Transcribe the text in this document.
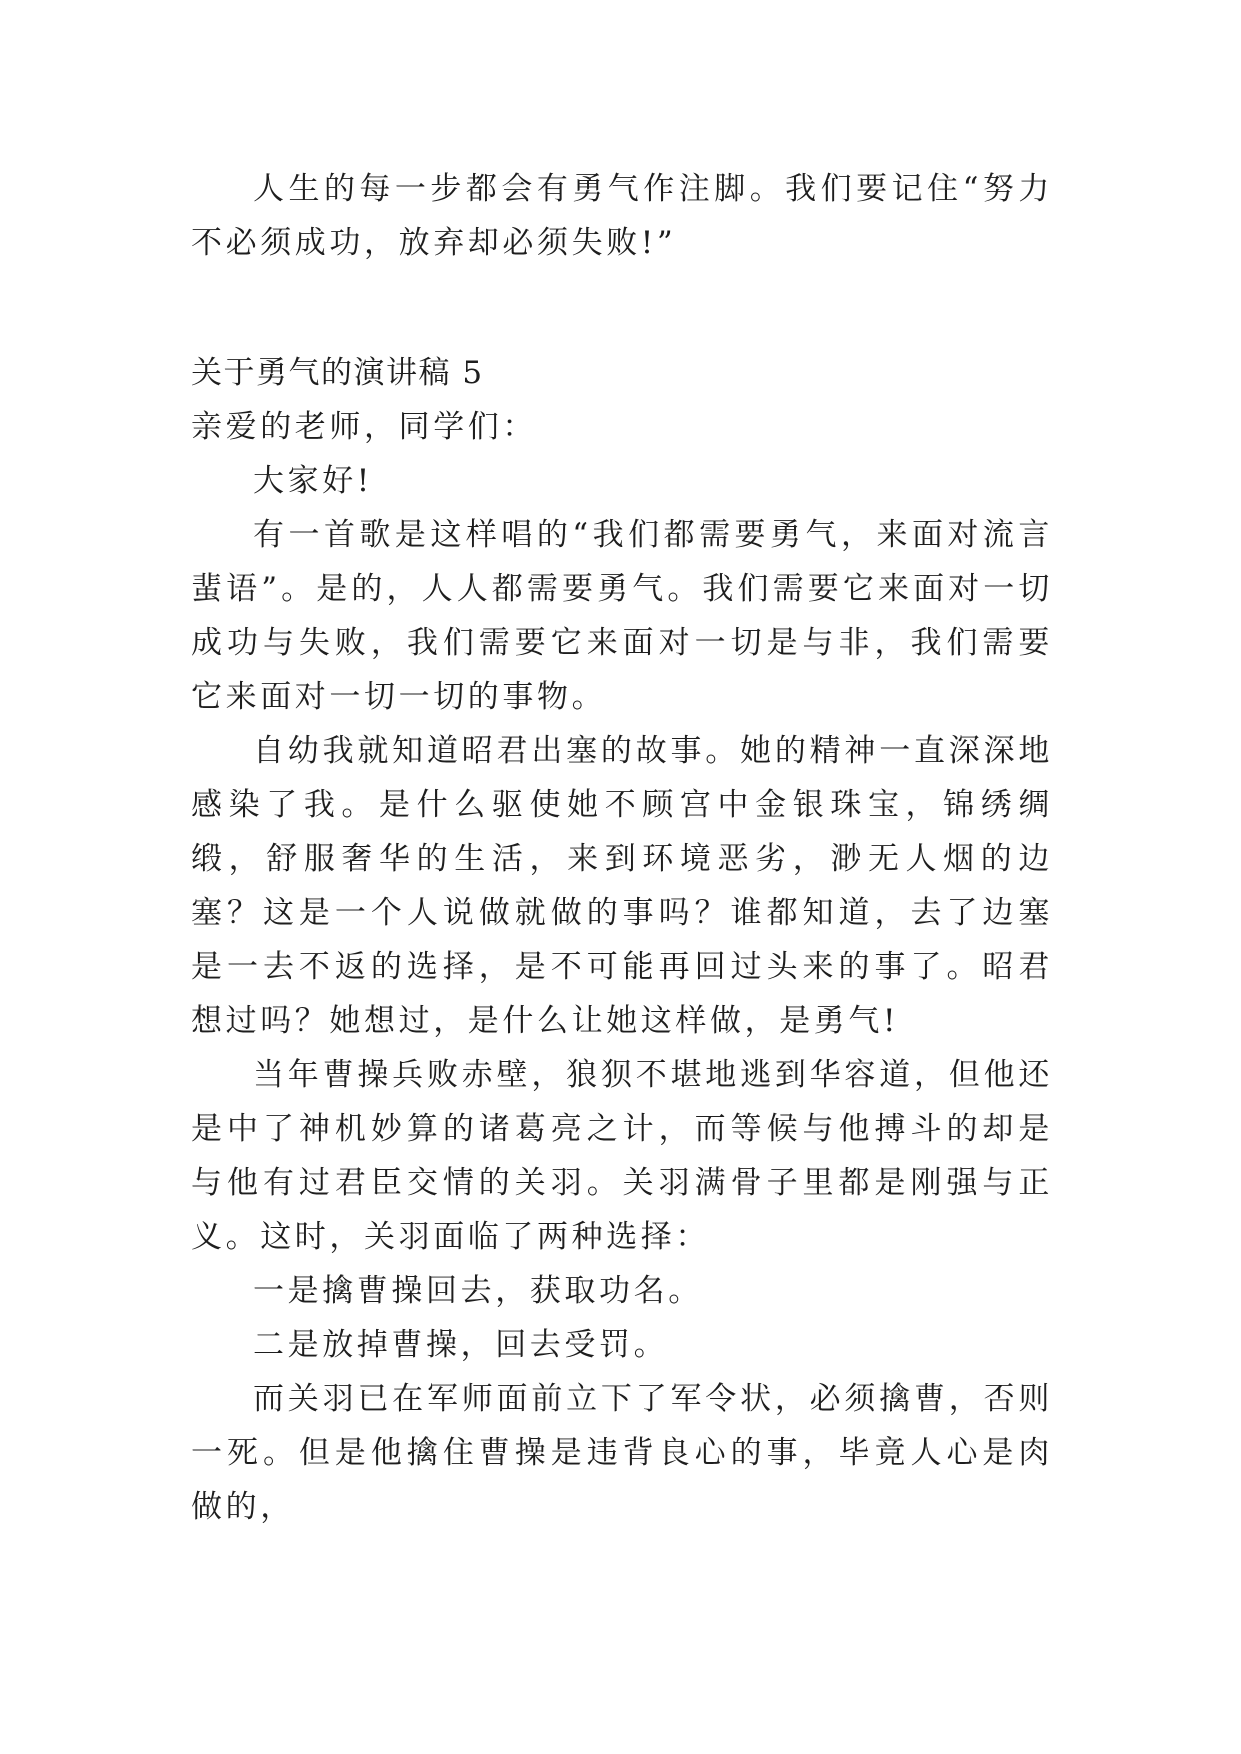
人生的每一步都会有勇气作注脚。我们要记住“努力不必须成功，放弃却必须失败!”

关于勇气的演讲稿 5

亲爱的老师，同学们：

大家好!

有一首歌是这样唱的“我们都需要勇气，来面对流言蜚语”。是的，人人都需要勇气。我们需要它来面对一切成功与失败，我们需要它来面对一切是与非，我们需要它来面对一切一切的事物。

自幼我就知道昭君出塞的故事。她的精神一直深深地感染了我。是什么驱使她不顾宫中金银珠宝，锦绣绸缎，舒服奢华的生活，来到环境恶劣，渺无人烟的边塞？这是一个人说做就做的事吗？谁都知道，去了边塞是一去不返的选择，是不可能再回过头来的事了。昭君想过吗？她想过，是什么让她这样做，是勇气!

当年曹操兵败赤壁，狼狈不堪地逃到华容道，但他还是中了神机妙算的诸葛亮之计，而等候与他搏斗的却是与他有过君臣交情的关羽。关羽满骨子里都是刚强与正义。这时，关羽面临了两种选择：

一是擒曹操回去，获取功名。

二是放掉曹操，回去受罚。

而关羽已在军师面前立下了军令状，必须擒曹，否则一死。但是他擒住曹操是违背良心的事，毕竟人心是肉做的，
